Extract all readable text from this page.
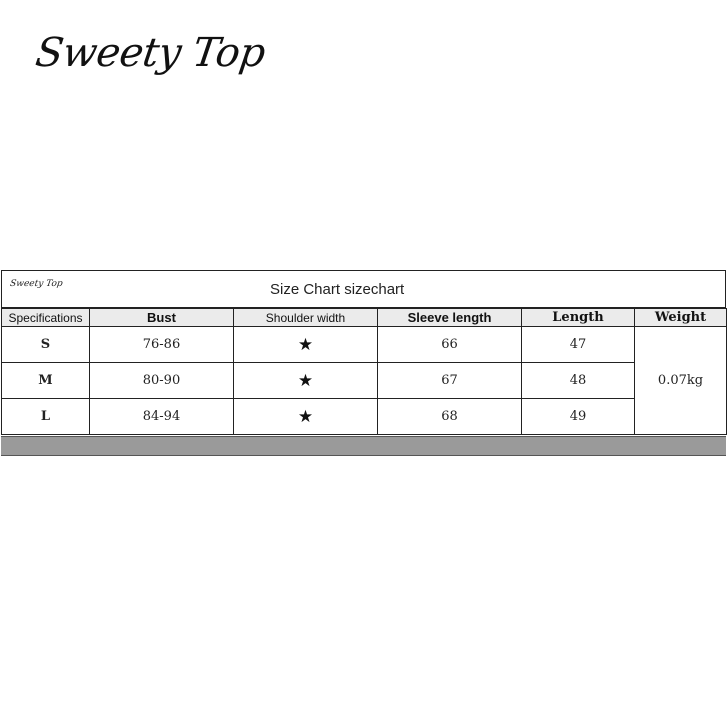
Sweety Top
Sweety Top	Size Chart sizechart
Specifications	Bust	Shoulder width	Sleeve length	Length	Weight
S	76-86	★	66	47	0.07kg
M	80-90	★	67	48	
L	84-94	★	68	49	
